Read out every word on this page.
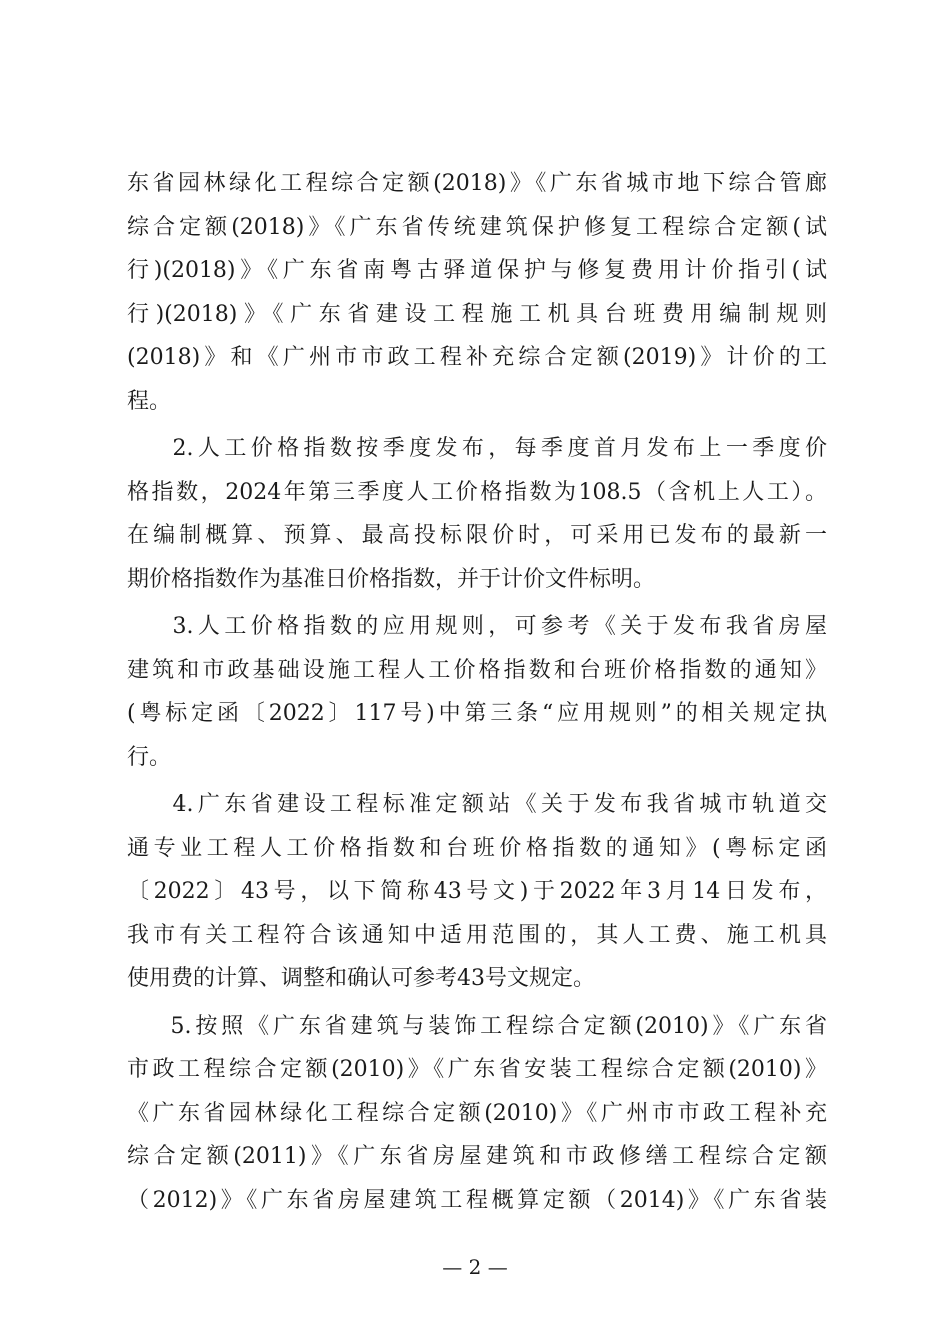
东省园林绿化工程综合定额(2018)》《广东省城市地下综合管廊
综合定额(2018)》《广东省传统建筑保护修复工程综合定额(试
行)(2018)》《广东省南粤古驿道保护与修复费用计价指引(试
行)(2018)》《广东省建设工程施工机具台班费用编制规则
(2018)》和《广州市市政工程补充综合定额(2019)》计价的工
程。
2.人工价格指数按季度发布，每季度首月发布上一季度价
格指数，2024年第三季度人工价格指数为108.5（含机上人工）。
在编制概算、预算、最高投标限价时，可采用已发布的最新一
期价格指数作为基准日价格指数，并于计价文件标明。
3.人工价格指数的应用规则，可参考《关于发布我省房屋
建筑和市政基础设施工程人工价格指数和台班价格指数的通知》
(粤标定函〔2022〕117号)中第三条“应用规则”的相关规定执
行。
4.广东省建设工程标准定额站《关于发布我省城市轨道交
通专业工程人工价格指数和台班价格指数的通知》(粤标定函
〔2022〕43号，以下简称43号文)于2022年3月14日发布，
我市有关工程符合该通知中适用范围的，其人工费、施工机具
使用费的计算、调整和确认可参考43号文规定。
5.按照《广东省建筑与装饰工程综合定额(2010)》《广东省
市政工程综合定额(2010)》《广东省安装工程综合定额(2010)》
《广东省园林绿化工程综合定额(2010)》《广州市市政工程补充
综合定额(2011)》《广东省房屋建筑和市政修缮工程综合定额
（2012)》《广东省房屋建筑工程概算定额（2014)》《广东省装
— 2 —
